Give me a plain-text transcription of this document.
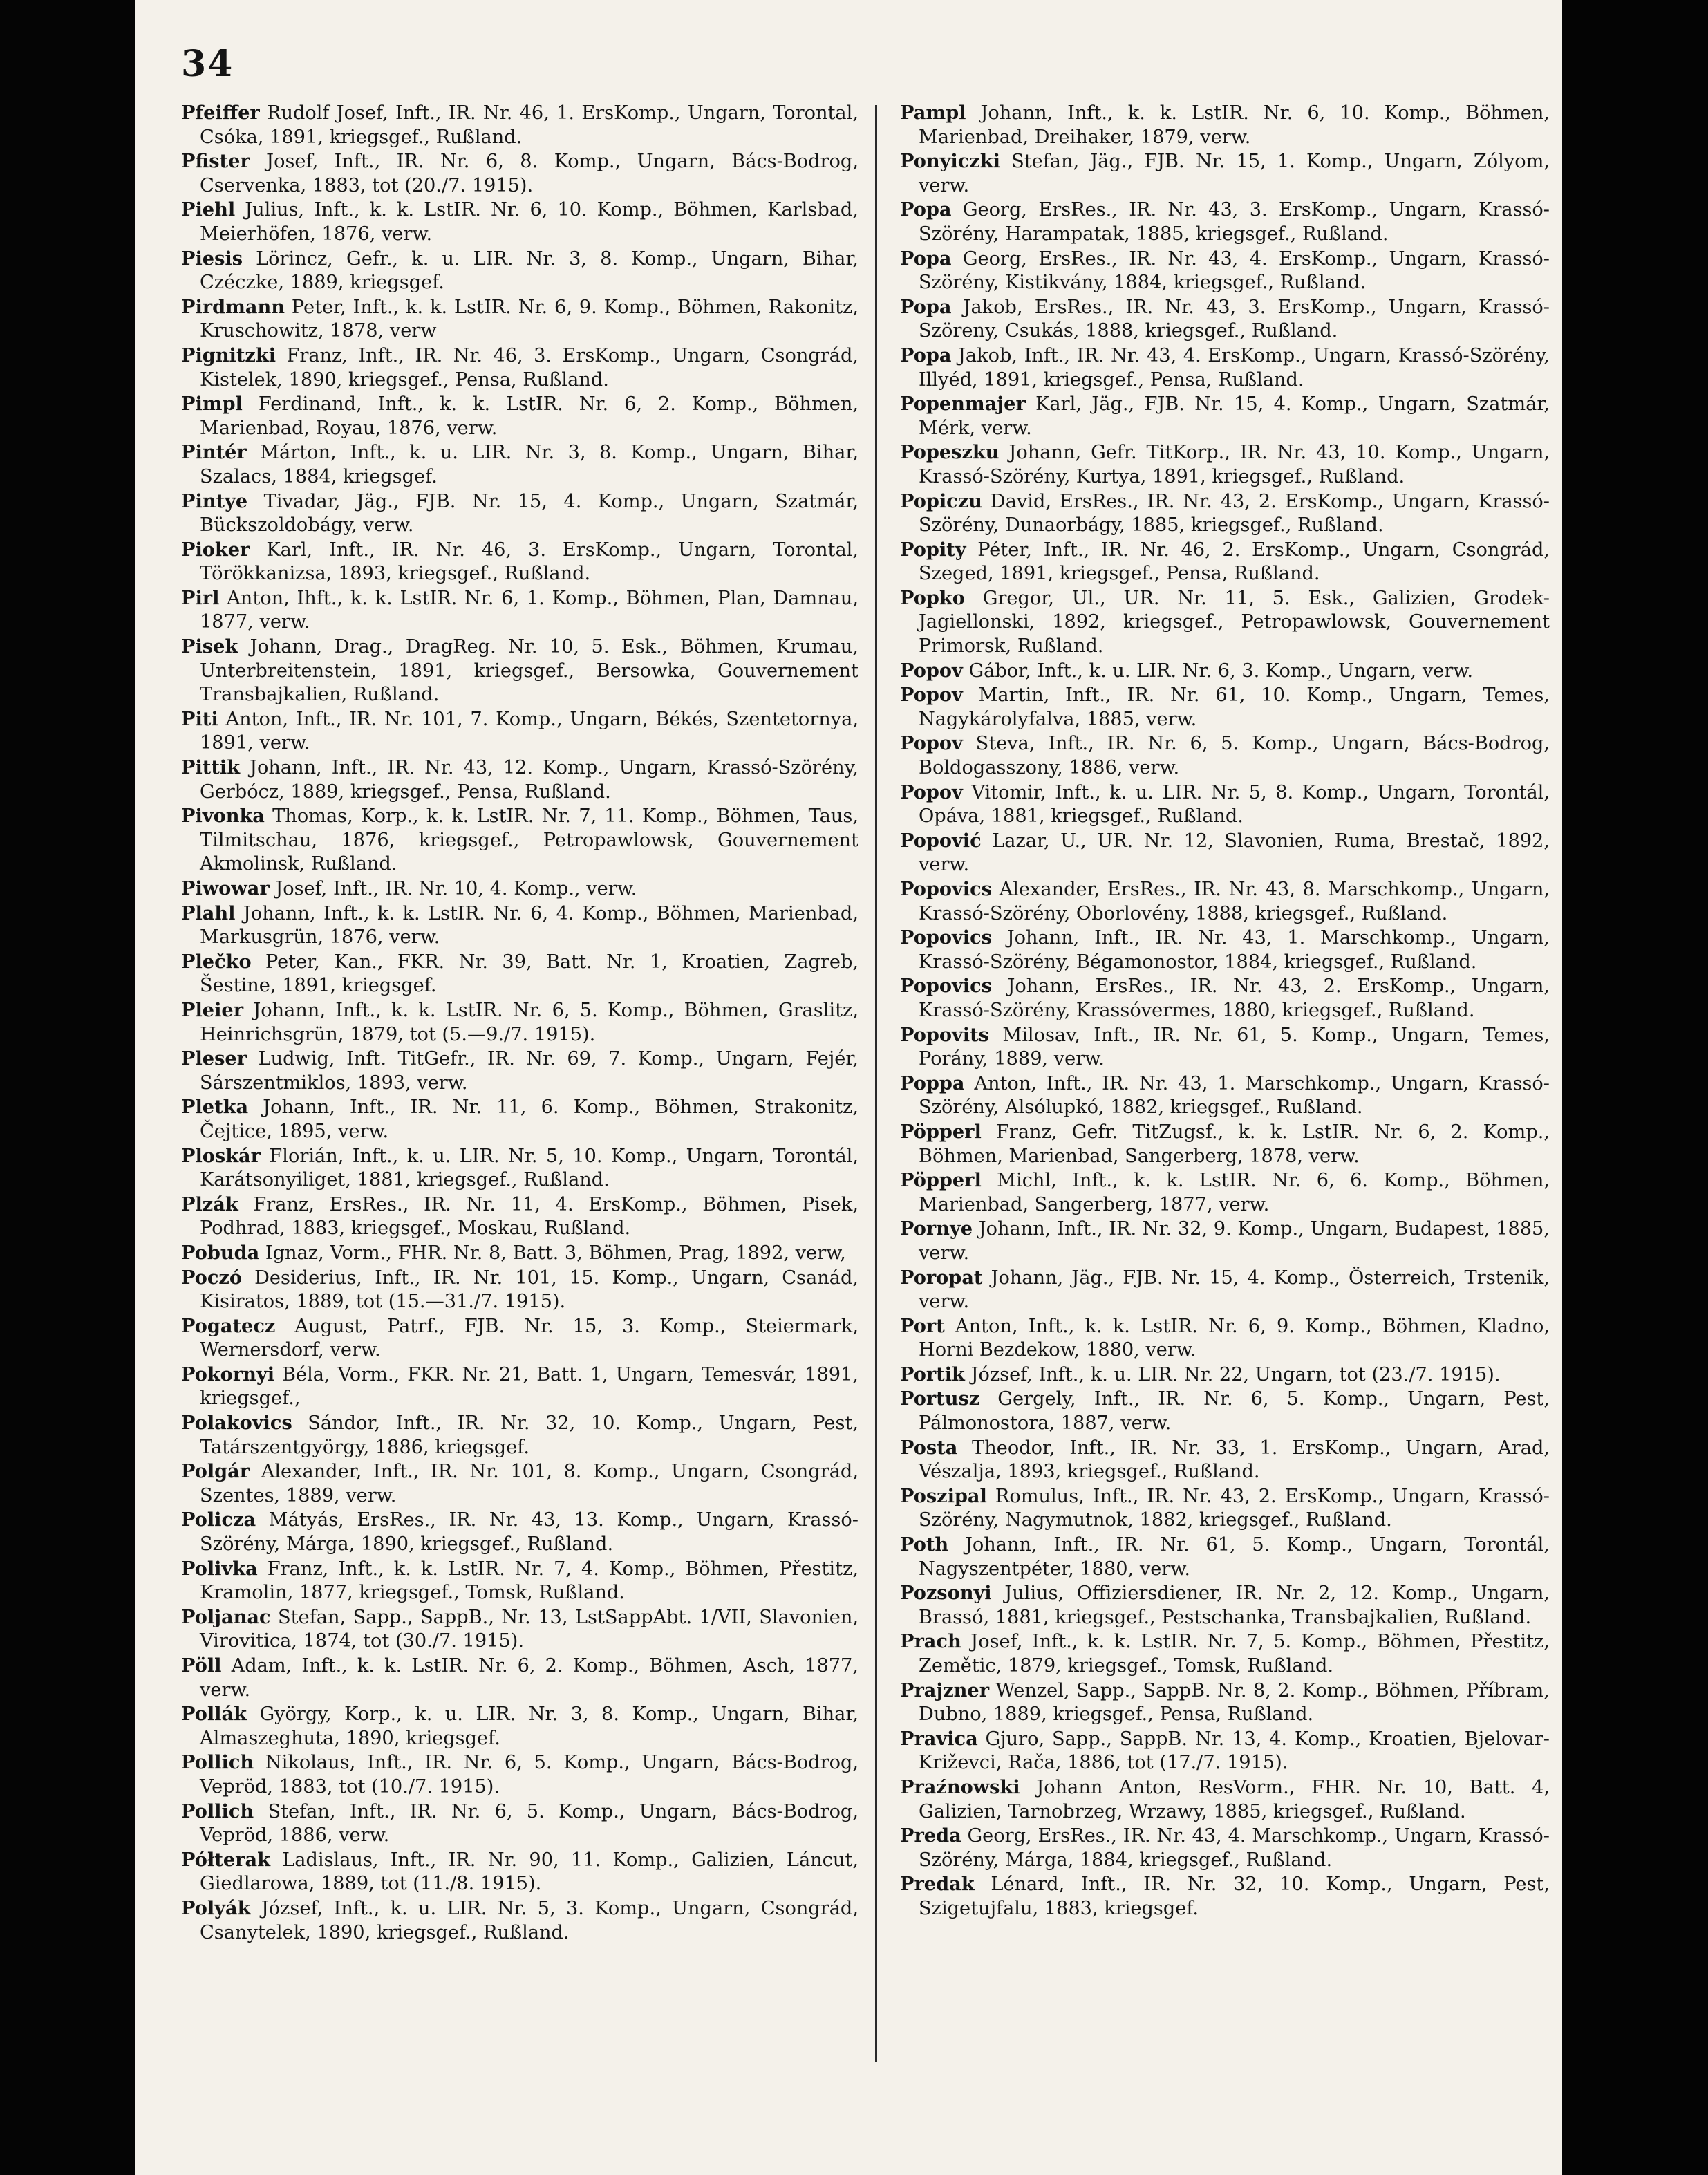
34

Pfeiffer Rudolf Josef, Inft., IR. Nr. 46, 1. ErsKomp., Ungarn, Torontal, Csóka, 1891, kriegsgef., Rußland.

Pfister Josef, Inft., IR. Nr. 6, 8. Komp., Ungarn, Bács-Bodrog, Cservenka, 1883, tot (20./7. 1915).

Piehl Julius, Inft., k. k. LstIR. Nr. 6, 10. Komp., Böhmen, Karlsbad, Meierhöfen, 1876, verw.

Piesis Lörincz, Gefr., k. u. LIR. Nr. 3, 8. Komp., Ungarn, Bihar, Czéczke, 1889, kriegsgef.

Pirdmann Peter, Inft., k. k. LstIR. Nr. 6, 9. Komp., Böhmen, Rakonitz, Kruschowitz, 1878, verw

Pignitzki Franz, Inft., IR. Nr. 46, 3. ErsKomp., Ungarn, Csongrád, Kistelek, 1890, kriegsgef., Pensa, Rußland.

Pimpl Ferdinand, Inft., k. k. LstIR. Nr. 6, 2. Komp., Böhmen, Marienbad, Royau, 1876, verw.

Pintér Márton, Inft., k. u. LIR. Nr. 3, 8. Komp., Ungarn, Bihar, Szalacs, 1884, kriegsgef.

Pintye Tivadar, Jäg., FJB. Nr. 15, 4. Komp., Ungarn, Szatmár, Bückszoldobágy, verw.

Pioker Karl, Inft., IR. Nr. 46, 3. ErsKomp., Ungarn, Torontal, Törökkanizsa, 1893, kriegsgef., Rußland.

Pirl Anton, Ihft., k. k. LstIR. Nr. 6, 1. Komp., Böhmen, Plan, Damnau, 1877, verw.

Pisek Johann, Drag., DragReg. Nr. 10, 5. Esk., Böhmen, Krumau, Unterbreitenstein, 1891, kriegsgef., Bersowka, Gouvernement Transbajkalien, Rußland.

Piti Anton, Inft., IR. Nr. 101, 7. Komp., Ungarn, Békés, Szentetornya, 1891, verw.

Pittik Johann, Inft., IR. Nr. 43, 12. Komp., Ungarn, Krassó-Szörény, Gerbócz, 1889, kriegsgef., Pensa, Rußland.

Pivonka Thomas, Korp., k. k. LstIR. Nr. 7, 11. Komp., Böhmen, Taus, Tilmitschau, 1876, kriegsgef., Petropawlowsk, Gouvernement Akmolinsk, Rußland.

Piwowar Josef, Inft., IR. Nr. 10, 4. Komp., verw.

Plahl Johann, Inft., k. k. LstIR. Nr. 6, 4. Komp., Böhmen, Marienbad, Markusgrün, 1876, verw.

Plečko Peter, Kan., FKR. Nr. 39, Batt. Nr. 1, Kroatien, Zagreb, Šestine, 1891, kriegsgef.

Pleier Johann, Inft., k. k. LstIR. Nr. 6, 5. Komp., Böhmen, Graslitz, Heinrichsgrün, 1879, tot (5.—9./7. 1915).

Pleser Ludwig, Inft. TitGefr., IR. Nr. 69, 7. Komp., Ungarn, Fejér, Sárszentmiklos, 1893, verw.

Pletka Johann, Inft., IR. Nr. 11, 6. Komp., Böhmen, Strakonitz, Čejtice, 1895, verw.

Ploskár Florián, Inft., k. u. LIR. Nr. 5, 10. Komp., Ungarn, Torontál, Karátsonyiliget, 1881, kriegsgef., Rußland.

Plzák Franz, ErsRes., IR. Nr. 11, 4. ErsKomp., Böhmen, Pisek, Podhrad, 1883, kriegsgef., Moskau, Rußland.

Pobuda Ignaz, Vorm., FHR. Nr. 8, Batt. 3, Böhmen, Prag, 1892, verw,

Poczó Desiderius, Inft., IR. Nr. 101, 15. Komp., Ungarn, Csanád, Kisiratos, 1889, tot (15.—31./7. 1915).

Pogatecz August, Patrf., FJB. Nr. 15, 3. Komp., Steiermark, Wernersdorf, verw.

Pokornyi Béla, Vorm., FKR. Nr. 21, Batt. 1, Ungarn, Temesvár, 1891, kriegsgef.,

Polakovics Sándor, Inft., IR. Nr. 32, 10. Komp., Ungarn, Pest, Tatárszentgyörgy, 1886, kriegsgef.

Polgár Alexander, Inft., IR. Nr. 101, 8. Komp., Ungarn, Csongrád, Szentes, 1889, verw.

Policza Mátyás, ErsRes., IR. Nr. 43, 13. Komp., Ungarn, Krassó-Szörény, Márga, 1890, kriegsgef., Rußland.

Polivka Franz, Inft., k. k. LstIR. Nr. 7, 4. Komp., Böhmen, Přestitz, Kramolin, 1877, kriegsgef., Tomsk, Rußland.

Poljanac Stefan, Sapp., SappB., Nr. 13, LstSappAbt. 1/VII, Slavonien, Virovitica, 1874, tot (30./7. 1915).

Pöll Adam, Inft., k. k. LstIR. Nr. 6, 2. Komp., Böhmen, Asch, 1877, verw.

Pollák György, Korp., k. u. LIR. Nr. 3, 8. Komp., Ungarn, Bihar, Almaszeghuta, 1890, kriegsgef.

Pollich Nikolaus, Inft., IR. Nr. 6, 5. Komp., Ungarn, Bács-Bodrog, Vepröd, 1883, tot (10./7. 1915).

Pollich Stefan, Inft., IR. Nr. 6, 5. Komp., Ungarn, Bács-Bodrog, Vepröd, 1886, verw.

Półterak Ladislaus, Inft., IR. Nr. 90, 11. Komp., Galizien, Láncut, Giedlarowa, 1889, tot (11./8. 1915).

Polyák József, Inft., k. u. LIR. Nr. 5, 3. Komp., Ungarn, Csongrád, Csanytelek, 1890, kriegsgef., Rußland.

Pampl Johann, Inft., k. k. LstIR. Nr. 6, 10. Komp., Böhmen, Marienbad, Dreihaker, 1879, verw.

Ponyiczki Stefan, Jäg., FJB. Nr. 15, 1. Komp., Ungarn, Zólyom, verw.

Popa Georg, ErsRes., IR. Nr. 43, 3. ErsKomp., Ungarn, Krassó-Szörény, Harampatak, 1885, kriegsgef., Rußland.

Popa Georg, ErsRes., IR. Nr. 43, 4. ErsKomp., Ungarn, Krassó-Szörény, Kistikvány, 1884, kriegsgef., Rußland.

Popa Jakob, ErsRes., IR. Nr. 43, 3. ErsKomp., Ungarn, Krassó-Szöreny, Csukás, 1888, kriegsgef., Rußland.

Popa Jakob, Inft., IR. Nr. 43, 4. ErsKomp., Ungarn, Krassó-Szörény, Illyéd, 1891, kriegsgef., Pensa, Rußland.

Popenmajer Karl, Jäg., FJB. Nr. 15, 4. Komp., Ungarn, Szatmár, Mérk, verw.

Popeszku Johann, Gefr. TitKorp., IR. Nr. 43, 10. Komp., Ungarn, Krassó-Szörény, Kurtya, 1891, kriegsgef., Rußland.

Popiczu David, ErsRes., IR. Nr. 43, 2. ErsKomp., Ungarn, Krassó-Szörény, Dunaorbágy, 1885, kriegsgef., Rußland.

Popity Péter, Inft., IR. Nr. 46, 2. ErsKomp., Ungarn, Csongrád, Szeged, 1891, kriegsgef., Pensa, Rußland.

Popko Gregor, Ul., UR. Nr. 11, 5. Esk., Galizien, Grodek-Jagiellonski, 1892, kriegsgef., Petropawlowsk, Gouvernement Primorsk, Rußland.

Popov Gábor, Inft., k. u. LIR. Nr. 6, 3. Komp., Ungarn, verw.

Popov Martin, Inft., IR. Nr. 61, 10. Komp., Ungarn, Temes, Nagykárolyfalva, 1885, verw.

Popov Steva, Inft., IR. Nr. 6, 5. Komp., Ungarn, Bács-Bodrog, Boldogasszony, 1886, verw.

Popov Vitomir, Inft., k. u. LIR. Nr. 5, 8. Komp., Ungarn, Torontál, Opáva, 1881, kriegsgef., Rußland.

Popović Lazar, U., UR. Nr. 12, Slavonien, Ruma, Brestač, 1892, verw.

Popovics Alexander, ErsRes., IR. Nr. 43, 8. Marschkomp., Ungarn, Krassó-Szörény, Oborlovény, 1888, kriegsgef., Rußland.

Popovics Johann, Inft., IR. Nr. 43, 1. Marschkomp., Ungarn, Krassó-Szörény, Bégamonostor, 1884, kriegsgef., Rußland.

Popovics Johann, ErsRes., IR. Nr. 43, 2. ErsKomp., Ungarn, Krassó-Szörény, Krassóvermes, 1880, kriegsgef., Rußland.

Popovits Milosav, Inft., IR. Nr. 61, 5. Komp., Ungarn, Temes, Porány, 1889, verw.

Poppa Anton, Inft., IR. Nr. 43, 1. Marschkomp., Ungarn, Krassó-Szörény, Alsólupkó, 1882, kriegsgef., Rußland.

Pöpperl Franz, Gefr. TitZugsf., k. k. LstIR. Nr. 6, 2. Komp., Böhmen, Marienbad, Sangerberg, 1878, verw.

Pöpperl Michl, Inft., k. k. LstIR. Nr. 6, 6. Komp., Böhmen, Marienbad, Sangerberg, 1877, verw.

Pornye Johann, Inft., IR. Nr. 32, 9. Komp., Ungarn, Budapest, 1885, verw.

Poropat Johann, Jäg., FJB. Nr. 15, 4. Komp., Österreich, Trstenik, verw.

Port Anton, Inft., k. k. LstIR. Nr. 6, 9. Komp., Böhmen, Kladno, Horni Bezdekow, 1880, verw.

Portik József, Inft., k. u. LIR. Nr. 22, Ungarn, tot (23./7. 1915).

Portusz Gergely, Inft., IR. Nr. 6, 5. Komp., Ungarn, Pest, Pálmonostora, 1887, verw.

Posta Theodor, Inft., IR. Nr. 33, 1. ErsKomp., Ungarn, Arad, Vészalja, 1893, kriegsgef., Rußland.

Poszipal Romulus, Inft., IR. Nr. 43, 2. ErsKomp., Ungarn, Krassó-Szörény, Nagymutnok, 1882, kriegsgef., Rußland.

Poth Johann, Inft., IR. Nr. 61, 5. Komp., Ungarn, Torontál, Nagyszentpéter, 1880, verw.

Pozsonyi Julius, Offiziersdiener, IR. Nr. 2, 12. Komp., Ungarn, Brassó, 1881, kriegsgef., Pestschanka, Transbajkalien, Rußland.

Prach Josef, Inft., k. k. LstIR. Nr. 7, 5. Komp., Böhmen, Přestitz, Zemětic, 1879, kriegsgef., Tomsk, Rußland.

Prajzner Wenzel, Sapp., SappB. Nr. 8, 2. Komp., Böhmen, Příbram, Dubno, 1889, kriegsgef., Pensa, Rußland.

Pravica Gjuro, Sapp., SappB. Nr. 13, 4. Komp., Kroatien, Bjelovar-Križevci, Rača, 1886, tot (17./7. 1915).

Praźnowski Johann Anton, ResVorm., FHR. Nr. 10, Batt. 4, Galizien, Tarnobrzeg, Wrzawy, 1885, kriegsgef., Rußland.

Preda Georg, ErsRes., IR. Nr. 43, 4. Marschkomp., Ungarn, Krassó-Szörény, Márga, 1884, kriegsgef., Rußland.

Predak Lénard, Inft., IR. Nr. 32, 10. Komp., Ungarn, Pest, Szigetujfalu, 1883, kriegsgef.
